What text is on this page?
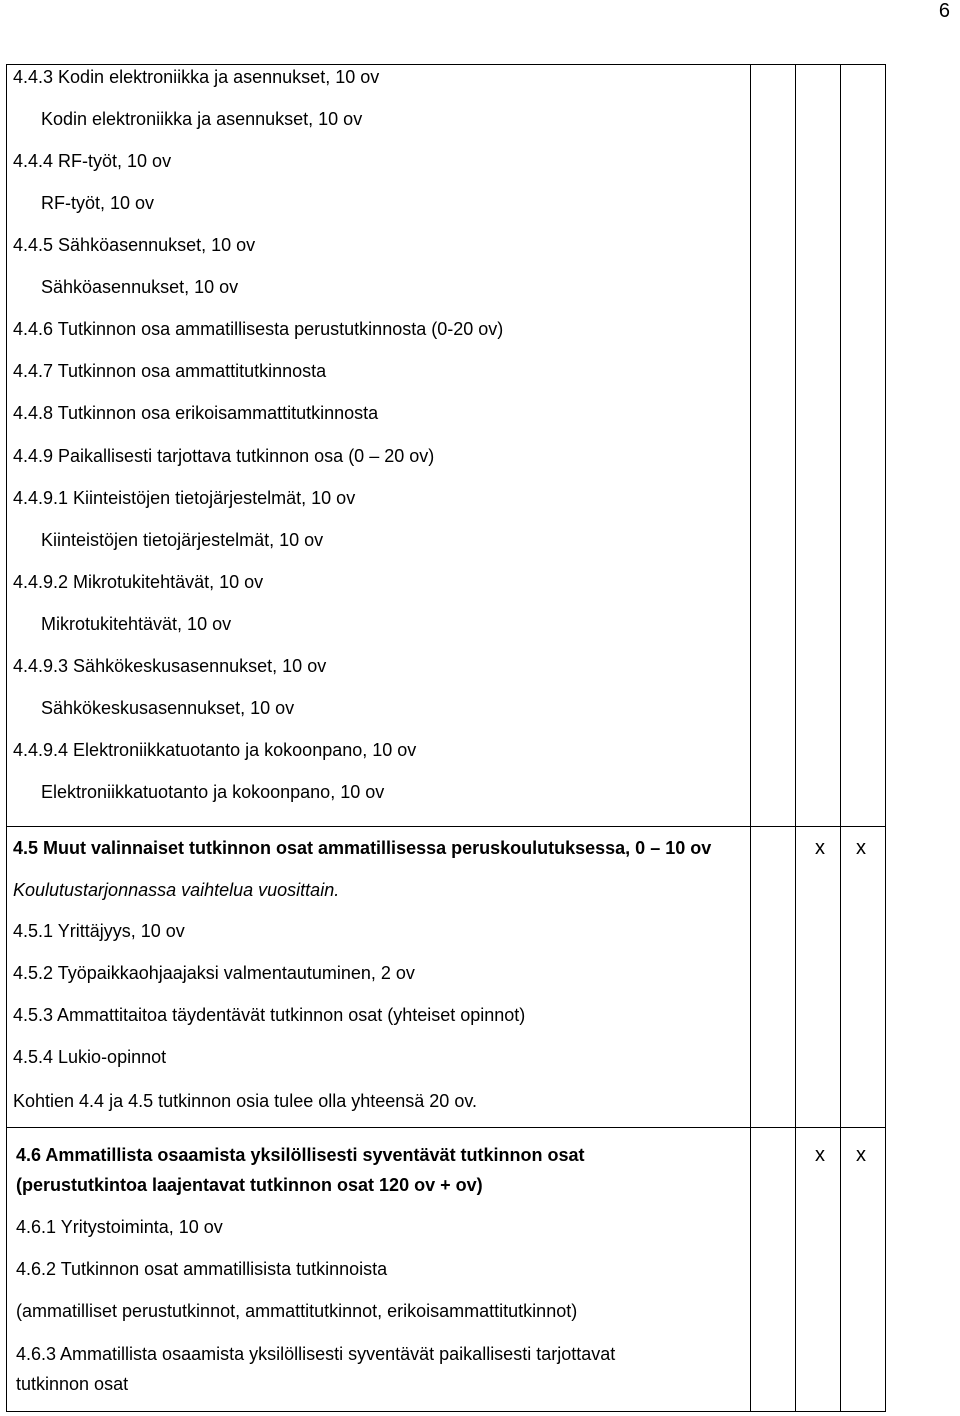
6
4.4.3 Kodin elektroniikka ja asennukset, 10 ov
Kodin elektroniikka ja asennukset, 10 ov
4.4.4 RF-työt, 10 ov
RF-työt, 10 ov
4.4.5 Sähköasennukset, 10 ov
Sähköasennukset, 10 ov
4.4.6 Tutkinnon osa ammatillisesta perustutkinnosta (0-20 ov)
4.4.7 Tutkinnon osa ammattitutkinnosta
4.4.8 Tutkinnon osa erikoisammattitutkinnosta
4.4.9 Paikallisesti tarjottava tutkinnon osa (0 – 20 ov)
4.4.9.1 Kiinteistöjen tietojärjestelmät, 10 ov
Kiinteistöjen tietojärjestelmät, 10 ov
4.4.9.2 Mikrotukitehtävät, 10 ov
Mikrotukitehtävät, 10 ov
4.4.9.3 Sähkökeskusasennukset, 10 ov
Sähkökeskusasennukset, 10 ov
4.4.9.4 Elektroniikkatuotanto ja kokoonpano, 10 ov
Elektroniikkatuotanto ja kokoonpano, 10 ov
4.5 Muut valinnaiset tutkinnon osat ammatillisessa peruskoulutuksessa, 0 – 10 ov	x x
Koulutustarjonnassa vaihtelua vuosittain.
4.5.1 Yrittäjyys, 10 ov
4.5.2 Työpaikkaohjaajaksi valmentautuminen, 2 ov
4.5.3 Ammattitaitoa täydentävät tutkinnon osat (yhteiset opinnot)
4.5.4 Lukio-opinnot
Kohtien 4.4 ja 4.5 tutkinnon osia tulee olla yhteensä 20 ov.
4.6 Ammatillista osaamista yksilöllisesti syventävät tutkinnon osat
(perustutkintoa laajentavat tutkinnon osat 120 ov + ov)
x x
4.6.1 Yritystoiminta, 10 ov
4.6.2 Tutkinnon osat ammatillisista tutkinnoista
(ammatilliset perustutkinnot, ammattitutkinnot, erikoisammattitutkinnot)
4.6.3 Ammatillista osaamista yksilöllisesti syventävät paikallisesti tarjottavat
tutkinnon osat
